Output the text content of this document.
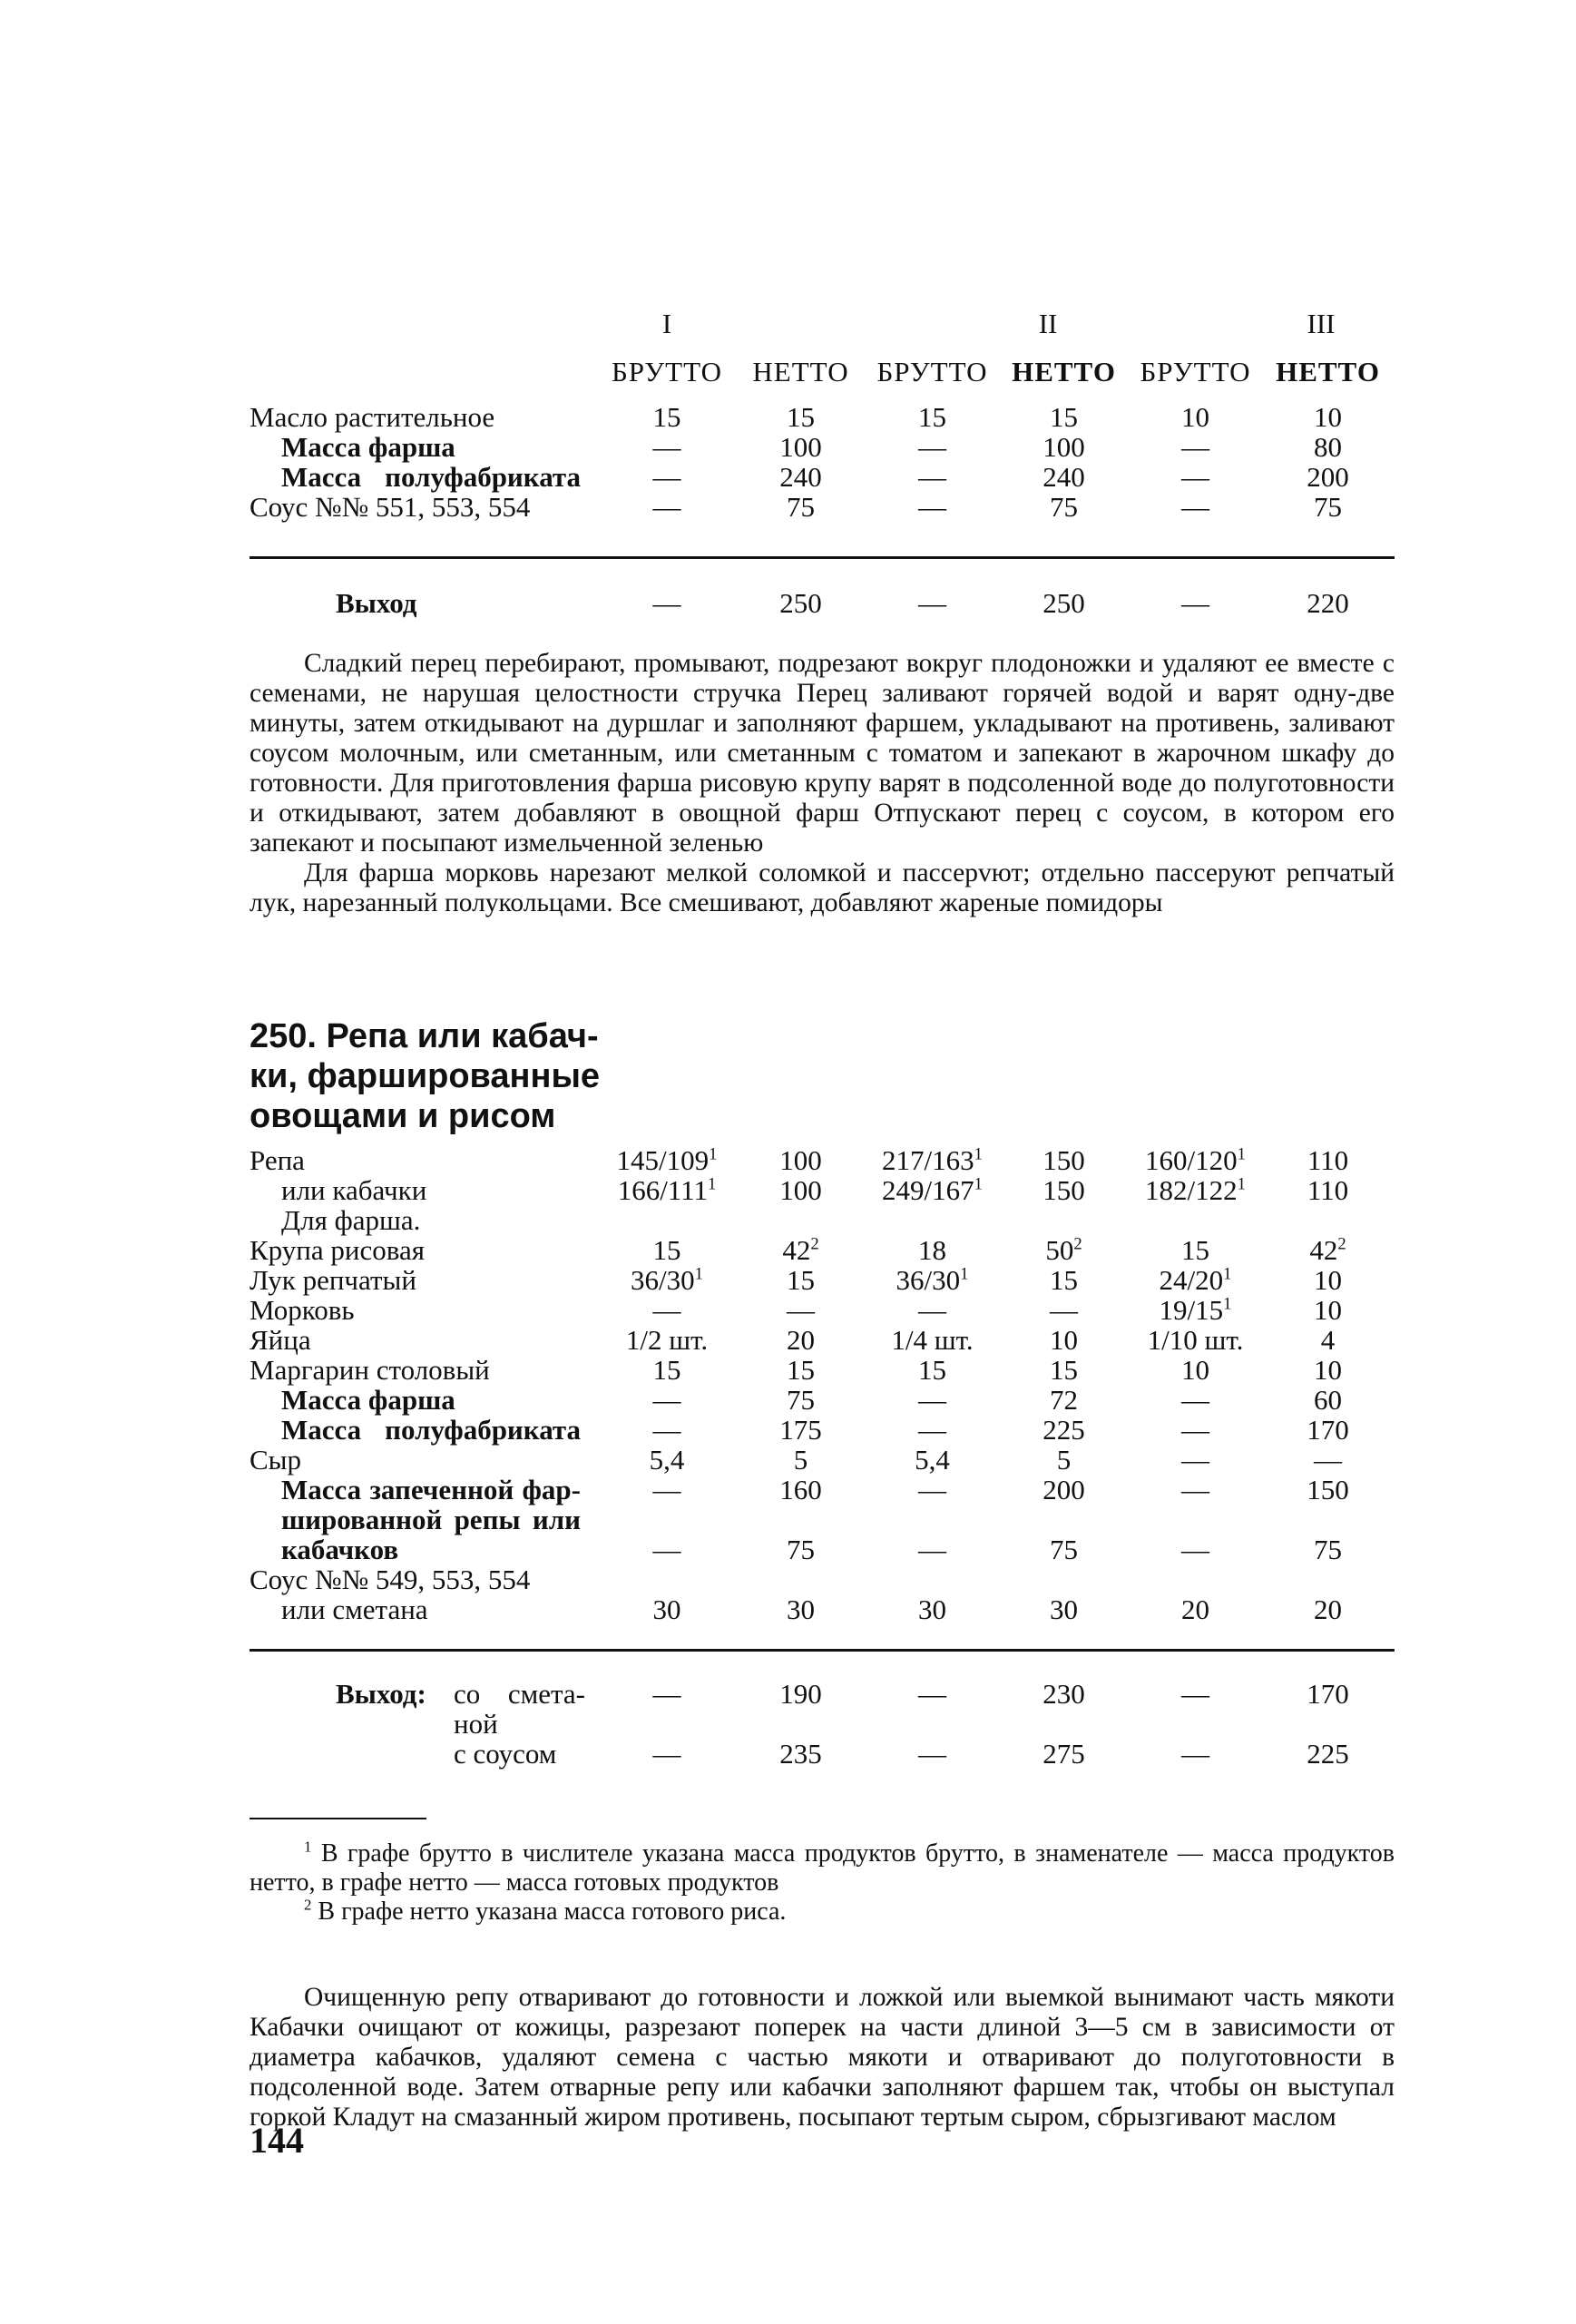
	I		II		III	
	БРУТТО	НЕТТО	БРУТТО	НЕТТО	БРУТТО	НЕТТО

Масло растительное	15	15	15	15	10	10
Масса фарша	—	100	—	100	—	80
Масса полуфабриката	—	240	—	240	—	200
Соус №№ 551, 553, 554	—	75	—	75	—	75
Выход	—	250	—	250	—	220

Сладкий перец перебирают, промывают, подрезают вокруг плодоножки и удаляют ее вместе с семенами, не нарушая целостности стручка Перец заливают горячей водой и варят одну-две минуты, затем откидывают на дуршлаг и заполняют фаршем, укладывают на противень, заливают соусом молочным, или сметанным, или сметанным с томатом и запекают в жарочном шкафу до готовности. Для приготовления фарша рисовую крупу варят в подсоленной воде до полуготовности и откидывают, затем добавляют в овощной фарш Отпускают перец с соусом, в котором его запекают и посыпают измельченной зеленью

Для фарша морковь нарезают мелкой соломкой и пассерvют; отдельно пассеруют репчатый лук, нарезанный полукольцами. Все смешивают, добавляют жареные помидоры

250. Репа или кабач-
ки, фаршированные
овощами и рисом
Репа	$145/109^1$	100	$217/163^1$	150	$160/120^1$	110
или кабачки	$166/111^1$	100	$249/167^1$	150	$182/122^1$	110
Для фарша.						
Крупа рисовая	15	$42^2$	18	$50^2$	15	$42^2$
Лук репчатый	$36/30^1$	15	$36/30^1$	15	$24/20^1$	10
Морковь	—	—	—	—	$19/15^1$	10
Яйца	1/2 шт.	20	1/4 шт.	10	1/10 шт.	4
Маргарин столовый	15	15	15	15	10	10
Масса фарша	—	75	—	72	—	60
Масса полуфабриката	—	175	—	225	—	170
Сыр	5,4	5	5,4	5	—	—
Масса запеченной фар-	—	160	—	200	—	150
шированной репы или						
кабачков	—	75	—	75	—	75
Соус №№ 549, 553, 554						
или сметана	30	30	30	30	20	20
	Выход:	со смета-	—	190	—	230	—	170
		ной						
		с соусом	—	235	—	275	—	225

$^1$ В графе брутто в числителе указана масса продуктов брутто, в знаменателе — масса продуктов нетто, в графе нетто — масса готовых продуктов

$^2$ В графе нетто указана масса готового риса.

Очищенную репу отваривают до готовности и ложкой или выемкой вынимают часть мякоти Кабачки очищают от кожицы, разрезают поперек на части длиной 3—5 см в зависимости от диаметра кабачков, удаляют семена с частью мякоти и отваривают до полуготовности в подсоленной воде. Затем отварные репу или кабачки заполняют фаршем так, чтобы он выступал горкой Кладут на смазанный жиром противень, посыпают тертым сыром, сбрызгивают маслом

144
